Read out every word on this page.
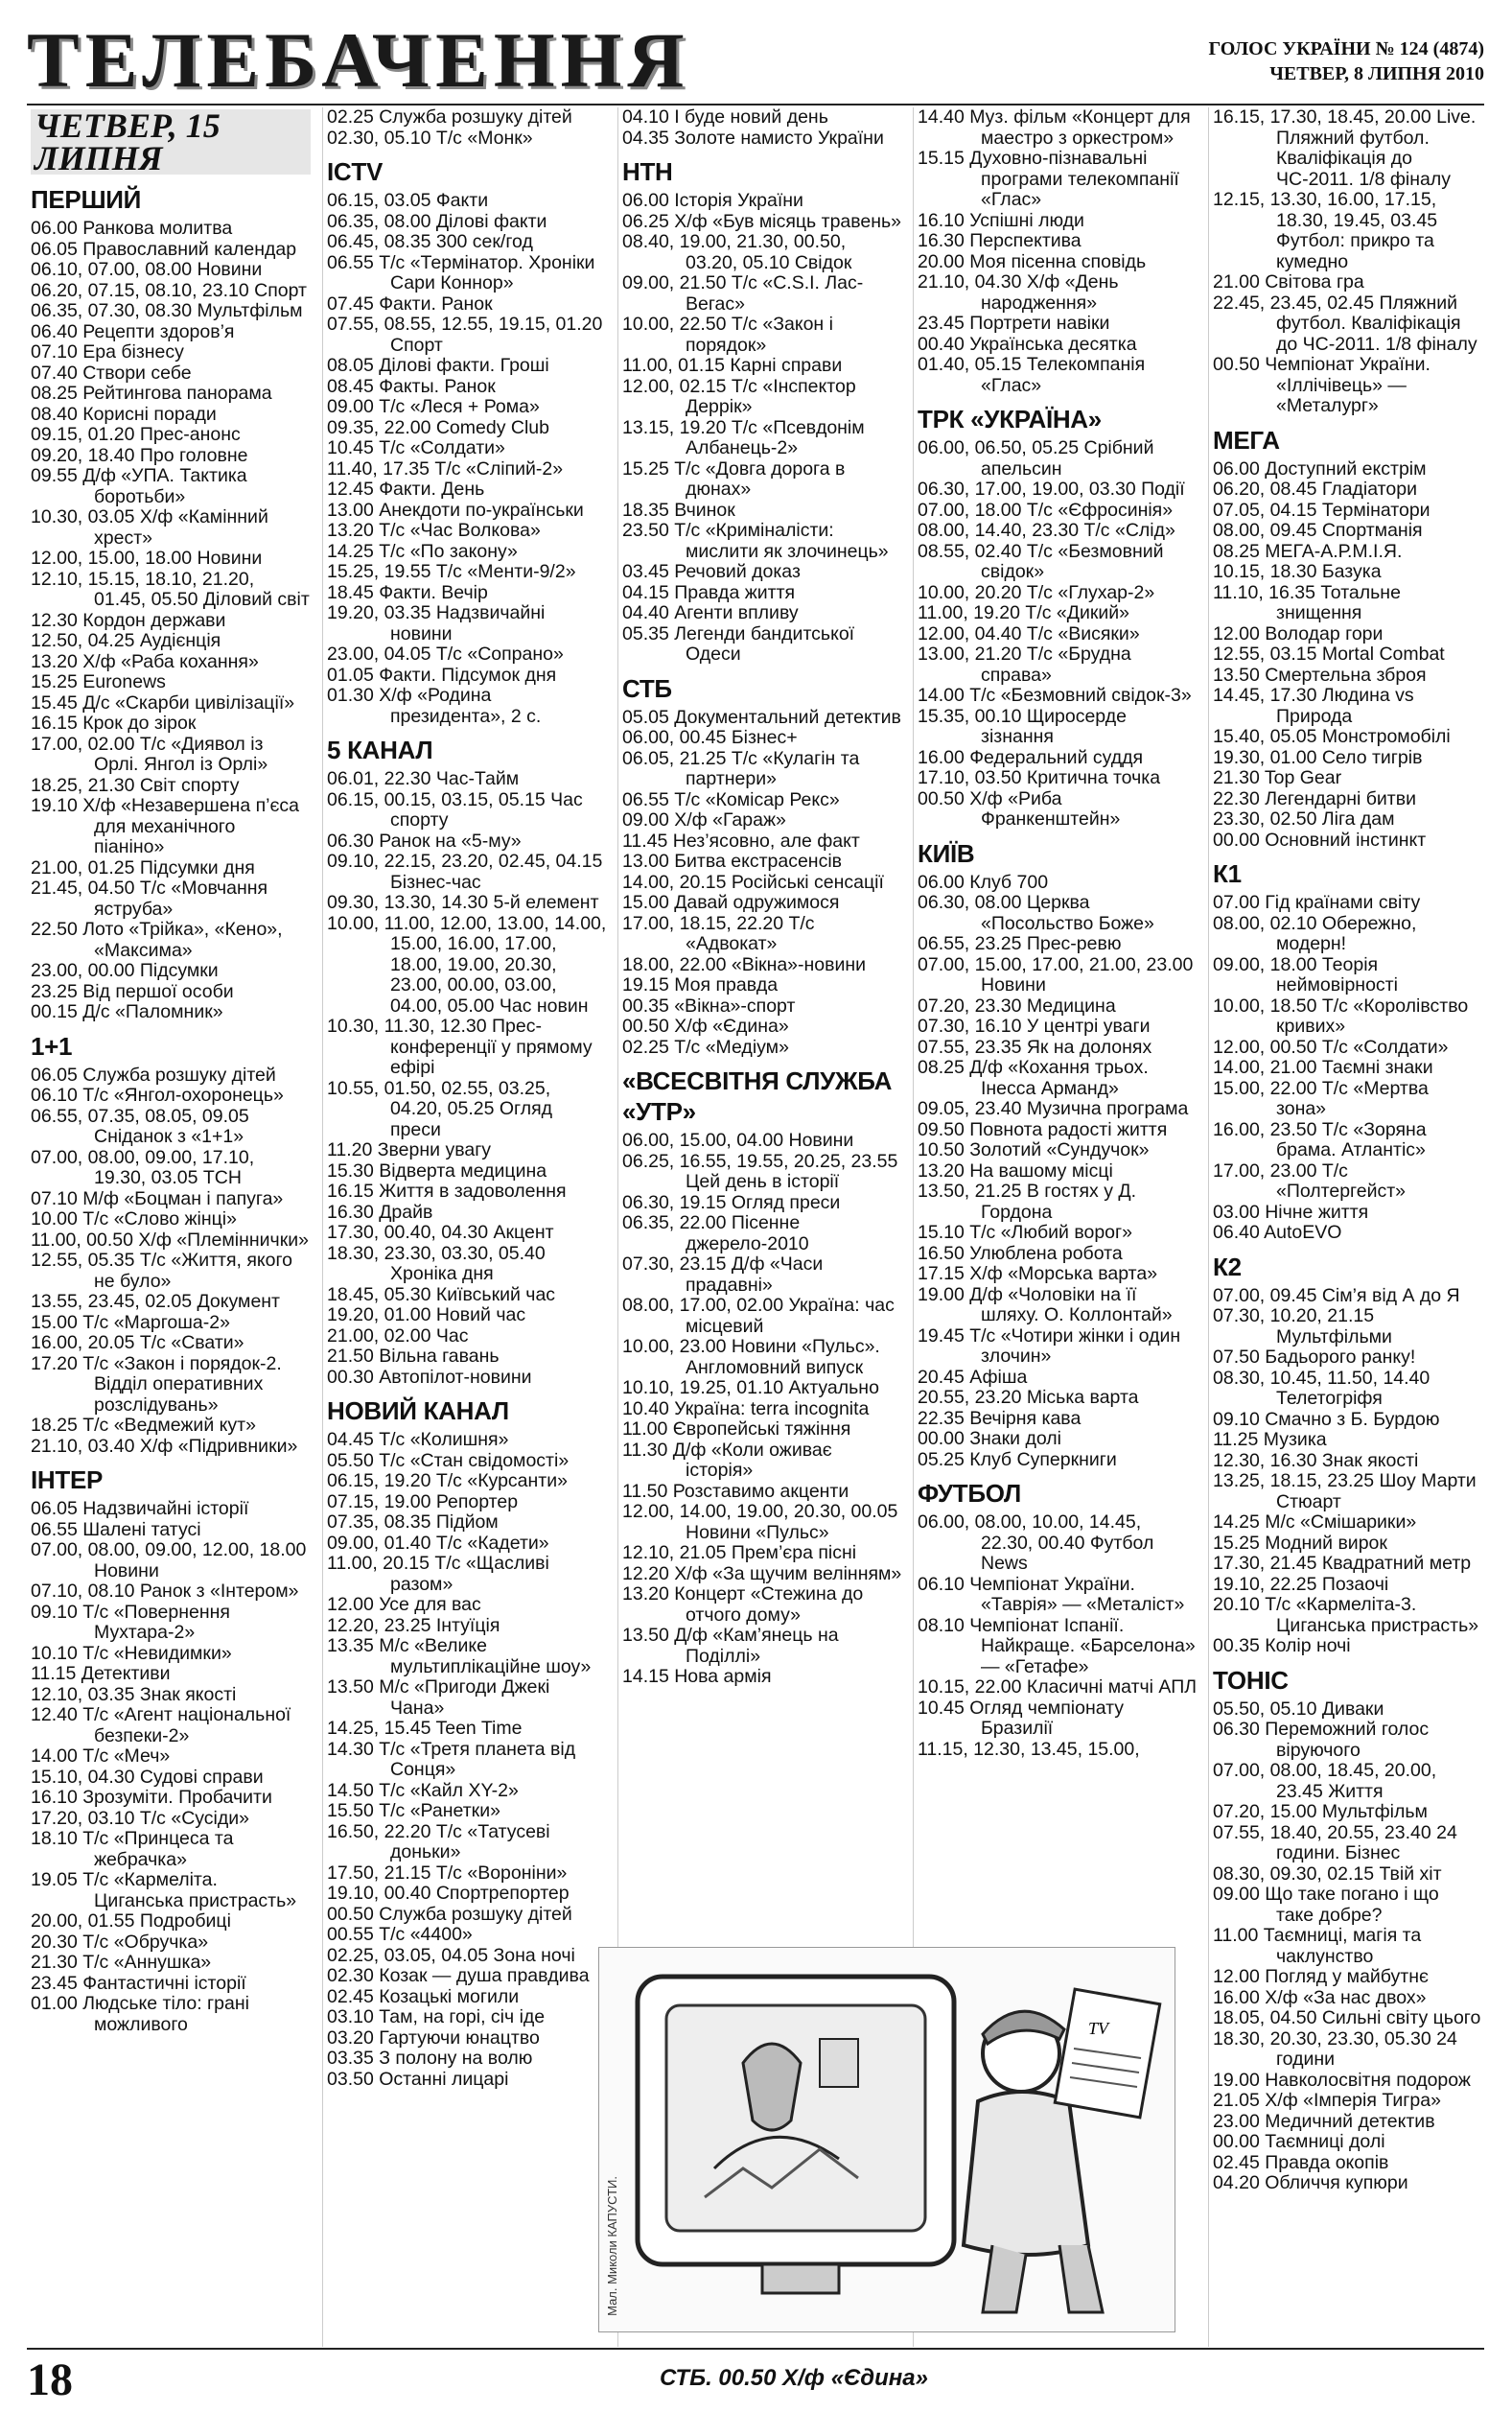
ТЕЛЕБАЧЕННЯ	ГОЛОС УКРАЇНИ № 124 (4874)
ЧЕТВЕР, 8 ЛИПНЯ 2010
ЧЕТВЕР, 15 ЛИПНЯ
ПЕРШИЙ
06.00 Ранкова молитва
06.05 Православний календар
06.10, 07.00, 08.00 Новини
06.20, 07.15, 08.10, 23.10 Спорт
06.35, 07.30, 08.30 Мультфільм
06.40 Рецепти здоров’я
07.10 Ера бізнесу
07.40 Створи себе
08.25 Рейтингова панорама
08.40 Корисні поради
09.15, 01.20 Прес-анонс
09.20, 18.40 Про головне
09.55 Д/ф «УПА. Тактика боротьби»
10.30, 03.05 Х/ф «Камінний хрест»
12.00, 15.00, 18.00 Новини
12.10, 15.15, 18.10, 21.20, 01.45, 05.50 Діловий світ
12.30 Кордон держави
12.50, 04.25 Аудієнція
13.20 Х/ф «Раба кохання»
15.25 Euronews
15.45 Д/с «Скарби цивілізації»
16.15 Крок до зірок
17.00, 02.00 Т/с «Диявол із Орлі. Янгол із Орлі»
18.25, 21.30 Світ спорту
19.10 Х/ф «Незавершена п’єса для механічного піаніно»
21.00, 01.25 Підсумки дня
21.45, 04.50 Т/с «Мовчання яструба»
22.50 Лото «Трійка», «Кено», «Максима»
23.00, 00.00 Підсумки
23.25 Від першої особи
00.15 Д/с «Паломник»
1+1
06.05 Служба розшуку дітей
06.10 Т/с «Янгол-охоронець»
06.55, 07.35, 08.05, 09.05 Сніданок з «1+1»
07.00, 08.00, 09.00, 17.10, 19.30, 03.05 ТСН
07.10 М/ф «Боцман і папуга»
10.00 Т/с «Слово жінці»
11.00, 00.50 Х/ф «Племіннички»
12.55, 05.35 Т/с «Життя, якого не було»
13.55, 23.45, 02.05 Документ
15.00 Т/с «Маргоша-2»
16.00, 20.05 Т/с «Свати»
17.20 Т/с «Закон і порядок-2. Відділ оперативних розслідувань»
18.25 Т/с «Ведмежий кут»
21.10, 03.40 Х/ф «Підривники»
ІНТЕР
06.05 Надзвичайні історії
06.55 Шалені татусі
07.00, 08.00, 09.00, 12.00, 18.00 Новини
07.10, 08.10 Ранок з «Інтером»
09.10 Т/с «Повернення Мухтара-2»
10.10 Т/с «Невидимки»
11.15 Детективи
12.10, 03.35 Знак якості
12.40 Т/с «Агент національної безпеки-2»
14.00 Т/с «Меч»
15.10, 04.30 Судові справи
16.10 Зрозуміти. Пробачити
17.20, 03.10 Т/с «Сусіди»
18.10 Т/с «Принцеса та жебрачка»
19.05 Т/с «Кармеліта. Циганська пристрасть»
20.00, 01.55 Подробиці
20.30 Т/с «Обручка»
21.30 Т/с «Аннушка»
23.45 Фантастичні історії
01.00 Людське тіло: грані можливого
02.25 Служба розшуку дітей
02.30, 05.10 Т/с «Монк»
ICTV
06.15, 03.05 Факти
06.35, 08.00 Ділові факти
06.45, 08.35 300 сек/год
06.55 Т/с «Термінатор. Хроніки Сари Коннор»
07.45 Факти. Ранок
07.55, 08.55, 12.55, 19.15, 01.20 Спорт
08.05 Ділові факти. Гроші
08.45 Факты. Ранок
09.00 Т/с «Леся + Рома»
09.35, 22.00 Comedy Club
10.45 Т/с «Солдати»
11.40, 17.35 Т/с «Сліпий-2»
12.45 Факти. День
13.00 Анекдоти по-українськи
13.20 Т/с «Час Волкова»
14.25 Т/с «По закону»
15.25, 19.55 Т/с «Менти-9/2»
18.45 Факти. Вечір
19.20, 03.35 Надзвичайні новини
23.00, 04.05 Т/с «Сопрано»
01.05 Факти. Підсумок дня
01.30 Х/ф «Родина президента», 2 с.
5 КАНАЛ
06.01, 22.30 Час-Тайм
06.15, 00.15, 03.15, 05.15 Час спорту
06.30 Ранок на «5-му»
09.10, 22.15, 23.20, 02.45, 04.15 Бізнес-час
09.30, 13.30, 14.30 5-й елемент
10.00, 11.00, 12.00, 13.00, 14.00, 15.00, 16.00, 17.00, 18.00, 19.00, 20.30, 23.00, 00.00, 03.00, 04.00, 05.00 Час новин
10.30, 11.30, 12.30 Прес-конференції у прямому ефірі
10.55, 01.50, 02.55, 03.25, 04.20, 05.25 Огляд преси
11.20 Зверни увагу
15.30 Відверта медицина
16.15 Життя в задоволення
16.30 Драйв
17.30, 00.40, 04.30 Акцент
18.30, 23.30, 03.30, 05.40 Хроніка дня
18.45, 05.30 Київський час
19.20, 01.00 Новий час
21.00, 02.00 Час
21.50 Вільна гавань
00.30 Автопілот-новини
НОВИЙ КАНАЛ
04.45 Т/с «Колишня»
05.50 Т/с «Стан свідомості»
06.15, 19.20 Т/с «Курсанти»
07.15, 19.00 Репортер
07.35, 08.35 Підйом
09.00, 01.40 Т/с «Кадети»
11.00, 20.15 Т/с «Щасливі разом»
12.00 Усе для вас
12.20, 23.25 Інтуїція
13.35 М/с «Велике мультиплікаційне шоу»
13.50 М/с «Пригоди Джекі Чана»
14.25, 15.45 Teen Time
14.30 Т/с «Третя планета від Сонця»
14.50 Т/с «Кайл XY-2»
15.50 Т/с «Ранетки»
16.50, 22.20 Т/с «Татусеві доньки»
17.50, 21.15 Т/с «Вороніни»
19.10, 00.40 Спортрепортер
00.50 Служба розшуку дітей
00.55 Т/с «4400»
02.25, 03.05, 04.05 Зона ночі
02.30 Козак — душа правдива
02.45 Козацькі могили
03.10 Там, на горі, січ іде
03.20 Гартуючи юнацтво
03.35 З полону на волю
03.50 Останні лицарі
04.10 І буде новий день
04.35 Золоте намисто України
НТН
06.00 Історія України
06.25 Х/ф «Був місяць травень»
08.40, 19.00, 21.30, 00.50, 03.20, 05.10 Свідок
09.00, 21.50 Т/с «C.S.I. Лас-Вегас»
10.00, 22.50 Т/с «Закон і порядок»
11.00, 01.15 Карні справи
12.00, 02.15 Т/с «Інспектор Деррік»
13.15, 19.20 Т/с «Псевдонім Албанець-2»
15.25 Т/с «Довга дорога в дюнах»
18.35 Вчинок
23.50 Т/с «Криміналісти: мислити як злочинець»
03.45 Речовий доказ
04.15 Правда життя
04.40 Агенти впливу
05.35 Легенди бандитської Одеси
СТБ
05.05 Документальний детектив
06.00, 00.45 Бізнес+
06.05, 21.25 Т/с «Кулагін та партнери»
06.55 Т/с «Комісар Рекс»
09.00 Х/ф «Гараж»
11.45 Нез’ясовно, але факт
13.00 Битва екстрасенсів
14.00, 20.15 Російські сенсації
15.00 Давай одружимося
17.00, 18.15, 22.20 Т/с «Адвокат»
18.00, 22.00 «Вікна»-новини
19.15 Моя правда
00.35 «Вікна»-спорт
00.50 Х/ф «Єдина»
02.25 Т/с «Медіум»
«ВСЕСВІТНЯ СЛУЖБА «УТР»
06.00, 15.00, 04.00 Новини
06.25, 16.55, 19.55, 20.25, 23.55 Цей день в історії
06.30, 19.15 Огляд преси
06.35, 22.00 Пісенне джерело-2010
07.30, 23.15 Д/ф «Часи прадавні»
08.00, 17.00, 02.00 Україна: час місцевий
10.00, 23.00 Новини «Пульс». Англомовний випуск
10.10, 19.25, 01.10 Актуально
10.40 Україна: terra incognita
11.00 Європейські тяжіння
11.30 Д/ф «Коли оживає історія»
11.50 Розставимо акценти
12.00, 14.00, 19.00, 20.30, 00.05 Новини «Пульс»
12.10, 21.05 Прем’єра пісні
12.20 Х/ф «За щучим велінням»
13.20 Концерт «Стежина до отчого дому»
13.50 Д/ф «Кам’янець на Поділлі»
14.15 Нова армія
14.40 Муз. фільм «Концерт для маестро з оркестром»
15.15 Духовно-пізнавальні програми телекомпанії «Глас»
16.10 Успішні люди
16.30 Перспектива
20.00 Моя пісенна сповідь
21.10, 04.30 Х/ф «День народження»
23.45 Портрети навіки
00.40 Українська десятка
01.40, 05.15 Телекомпанія «Глас»
ТРК «УКРАЇНА»
06.00, 06.50, 05.25 Срібний апельсин
06.30, 17.00, 19.00, 03.30 Події
07.00, 18.00 Т/с «Єфросинія»
08.00, 14.40, 23.30 Т/с «Слід»
08.55, 02.40 Т/с «Безмовний свідок»
10.00, 20.20 Т/с «Глухар-2»
11.00, 19.20 Т/с «Дикий»
12.00, 04.40 Т/с «Висяки»
13.00, 21.20 Т/с «Брудна справа»
14.00 Т/с «Безмовний свідок-3»
15.35, 00.10 Щиросерде зізнання
16.00 Федеральний суддя
17.10, 03.50 Критична точка
00.50 Х/ф «Риба Франкенштейн»
КИЇВ
06.00 Клуб 700
06.30, 08.00 Церква «Посольство Боже»
06.55, 23.25 Прес-ревю
07.00, 15.00, 17.00, 21.00, 23.00 Новини
07.20, 23.30 Медицина
07.30, 16.10 У центрі уваги
07.55, 23.35 Як на долонях
08.25 Д/ф «Кохання трьох. Інесса Арманд»
09.05, 23.40 Музична програма
09.50 Повнота радості життя
10.50 Золотий «Сундучок»
13.20 На вашому місці
13.50, 21.25 В гостях у Д. Гордона
15.10 Т/с «Любий ворог»
16.50 Улюблена робота
17.15 Х/ф «Морська варта»
19.00 Д/ф «Чоловіки на її шляху. О. Коллонтай»
19.45 Т/с «Чотири жінки і один злочин»
20.45 Афіша
20.55, 23.20 Міська варта
22.35 Вечірня кава
00.00 Знаки долі
05.25 Клуб Суперкниги
ФУТБОЛ
06.00, 08.00, 10.00, 14.45, 22.30, 00.40 Футбол News
06.10 Чемпіонат України. «Таврія» — «Металіст»
08.10 Чемпіонат Іспанії. Найкраще. «Барселона» — «Гетафе»
10.15, 22.00 Класичні матчі АПЛ
10.45 Огляд чемпіонату Бразилії
11.15, 12.30, 13.45, 15.00,
16.15, 17.30, 18.45, 20.00 Live. Пляжний футбол. Кваліфікація до ЧС-2011. 1/8 фіналу
12.15, 13.30, 16.00, 17.15, 18.30, 19.45, 03.45 Футбол: прикро та кумедно
21.00 Світова гра
22.45, 23.45, 02.45 Пляжний футбол. Кваліфікація до ЧС-2011. 1/8 фіналу
00.50 Чемпіонат України. «Іллічівець» — «Металург»
МЕГА
06.00 Доступний екстрім
06.20, 08.45 Гладіатори
07.05, 04.15 Термінатори
08.00, 09.45 Спортманія
08.25 МЕГА-А.Р.М.І.Я.
10.15, 18.30 Базука
11.10, 16.35 Тотальне знищення
12.00 Володар гори
12.55, 03.15 Mortal Combat
13.50 Смертельна зброя
14.45, 17.30 Людина vs Природа
15.40, 05.05 Монстромобілі
19.30, 01.00 Село тигрів
21.30 Top Gear
22.30 Легендарні битви
23.30, 02.50 Ліга дам
00.00 Основний інстинкт
К1
07.00 Гід країнами світу
08.00, 02.10 Обережно, модерн!
09.00, 18.00 Теорія неймовірності
10.00, 18.50 Т/с «Королівство кривих»
12.00, 00.50 Т/с «Солдати»
14.00, 21.00 Таємні знаки
15.00, 22.00 Т/с «Мертва зона»
16.00, 23.50 Т/с «Зоряна брама. Атлантіс»
17.00, 23.00 Т/с «Полтергейст»
03.00 Нічне життя
06.40 AutoEVO
К2
07.00, 09.45 Сім’я від А до Я
07.30, 10.20, 21.15 Мультфільми
07.50 Бадьорого ранку!
08.30, 10.45, 11.50, 14.40 Телетогріфя
09.10 Смачно з Б. Бурдою
11.25 Музика
12.30, 16.30 Знак якості
13.25, 18.15, 23.25 Шоу Марти Стюарт
14.25 М/с «Смішарики»
15.25 Модний вирок
17.30, 21.45 Квадратний метр
19.10, 22.25 Позаочі
20.10 Т/с «Кармеліта-3. Циганська пристрасть»
00.35 Колір ночі
ТОНІС
05.50, 05.10 Диваки
06.30 Переможний голос віруючого
07.00, 08.00, 18.45, 20.00, 23.45 Життя
07.20, 15.00 Мультфільм
07.55, 18.40, 20.55, 23.40 24 години. Бізнес
08.30, 09.30, 02.15 Твій хіт
09.00 Що таке погано і що таке добре?
11.00 Таємниці, магія та чаклунство
12.00 Погляд у майбутнє
16.00 Х/ф «За нас двох»
18.05, 04.50 Сильні світу цього
18.30, 20.30, 23.30, 05.30 24 години
19.00 Навколосвітня подорож
21.05 Х/ф «Імперія Тигра»
23.00 Медичний детектив
00.00 Таємниці долі
02.45 Правда окопів
04.20 Обличчя купюри
TV
Мал. Миколи КАПУСТИ.
18	СТБ. 00.50 Х/ф «Єдина»
